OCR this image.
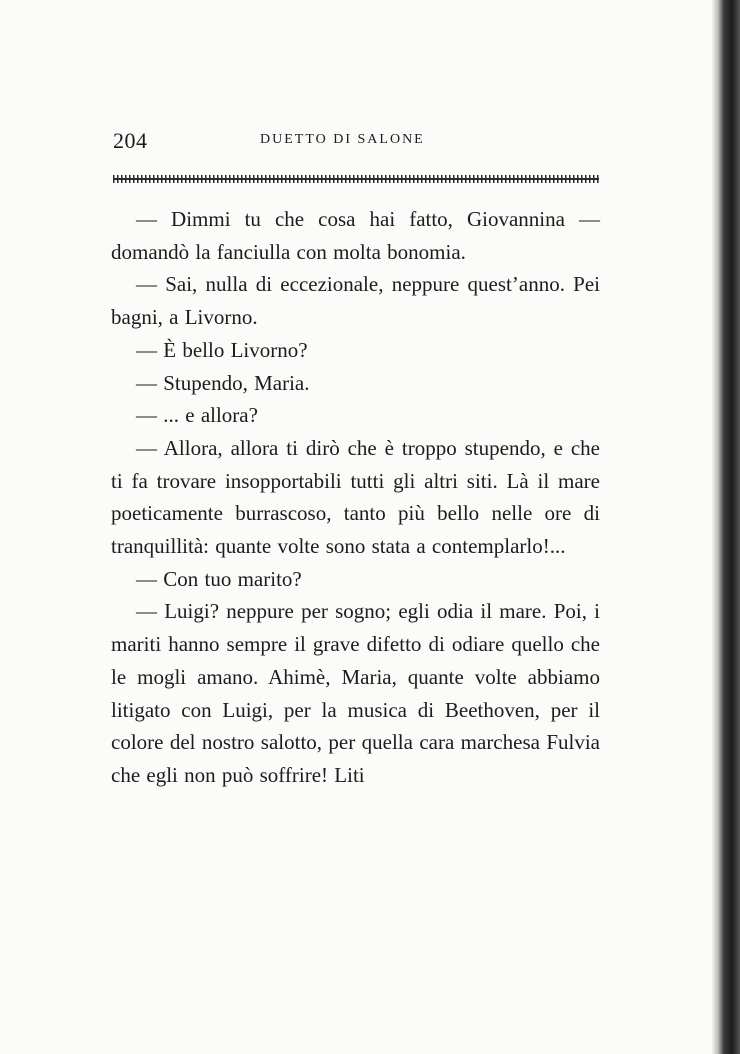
204	DUETTO DI SALONE

— Dimmi tu che cosa hai fatto, Giovannina — domandò la fanciulla con molta bonomia.

— Sai, nulla di eccezionale, neppure quest’anno. Pei bagni, a Livorno.

— È bello Livorno?

— Stupendo, Maria.

— ... e allora?

— Allora, allora ti dirò che è troppo stupendo, e che ti fa trovare insopportabili tutti gli altri siti. Là il mare poeticamente burrascoso, tanto più bello nelle ore di tranquillità: quante volte sono stata a contemplarlo!...

— Con tuo marito?

— Luigi? neppure per sogno; egli odia il mare. Poi, i mariti hanno sempre il grave difetto di odiare quello che le mogli amano. Ahimè, Maria, quante volte abbiamo litigato con Luigi, per la musica di Beethoven, per il colore del nostro salotto, per quella cara marchesa Fulvia che egli non può soffrire! Liti
